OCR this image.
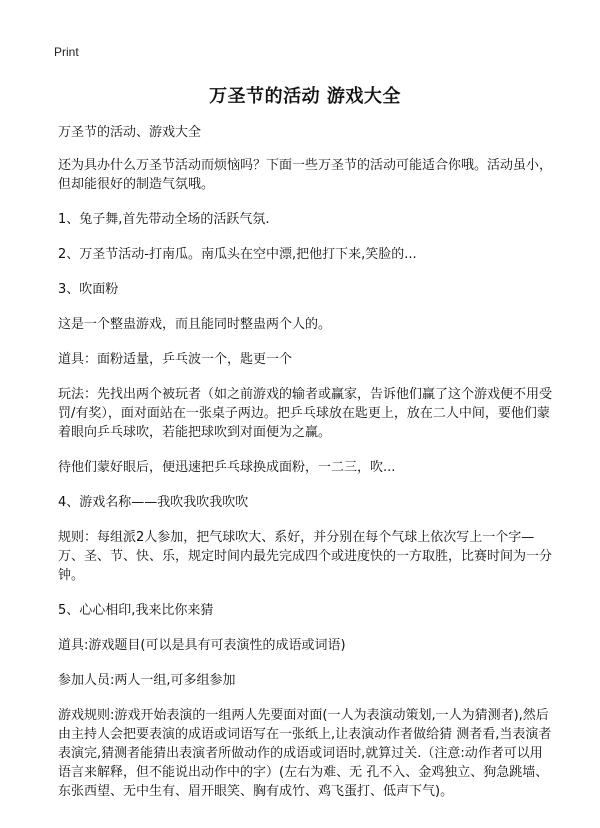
Print
万圣节的活动 游戏大全

万圣节的活动、游戏大全

还为具办什么万圣节活动而烦恼吗？下面一些万圣节的活动可能适合你哦。活动虽小，但却能很好的制造气氛哦。

1、兔子舞,首先带动全场的活跃气氛.

2、万圣节活动-打南瓜。南瓜头在空中漂,把他打下来,笑脸的...

3、吹面粉

这是一个整蛊游戏，而且能同时整蛊两个人的。

道具：面粉适量，乒乓波一个，匙更一个

玩法：先找出两个被玩者（如之前游戏的输者或赢家，告诉他们赢了这个游戏便不用受罚/有奖），面对面站在一张桌子两边。把乒乓球放在匙更上，放在二人中间，要他们蒙着眼向乒乓球吹，若能把球吹到对面便为之赢。

待他们蒙好眼后，便迅速把乒乓球换成面粉，一二三，吹...

4、游戏名称——我吹我吹我吹吹

规则：每组派2人参加，把气球吹大、系好，并分别在每个气球上依次写上一个字—万、圣、节、快、乐，规定时间内最先完成四个或进度快的一方取胜，比赛时间为一分钟。

5、心心相印,我来比你来猜

道具:游戏题目(可以是具有可表演性的成语或词语)

参加人员:两人一组,可多组参加

游戏规则:游戏开始表演的一组两人先要面对面(一人为表演动策划,一人为猜测者),然后由主持人会把要表演的成语或词语写在一张纸上,让表演动作者做给猜 测者看,当表演者表演完,猜测者能猜出表演者所做动作的成语或词语时,就算过关.（注意:动作者可以用语言来解释，但不能说出动作中的字）(左右为难、无 孔不入、金鸡独立、狗急跳墙、东张西望、无中生有、眉开眼笑、胸有成竹、鸡飞蛋打、低声下气)。
